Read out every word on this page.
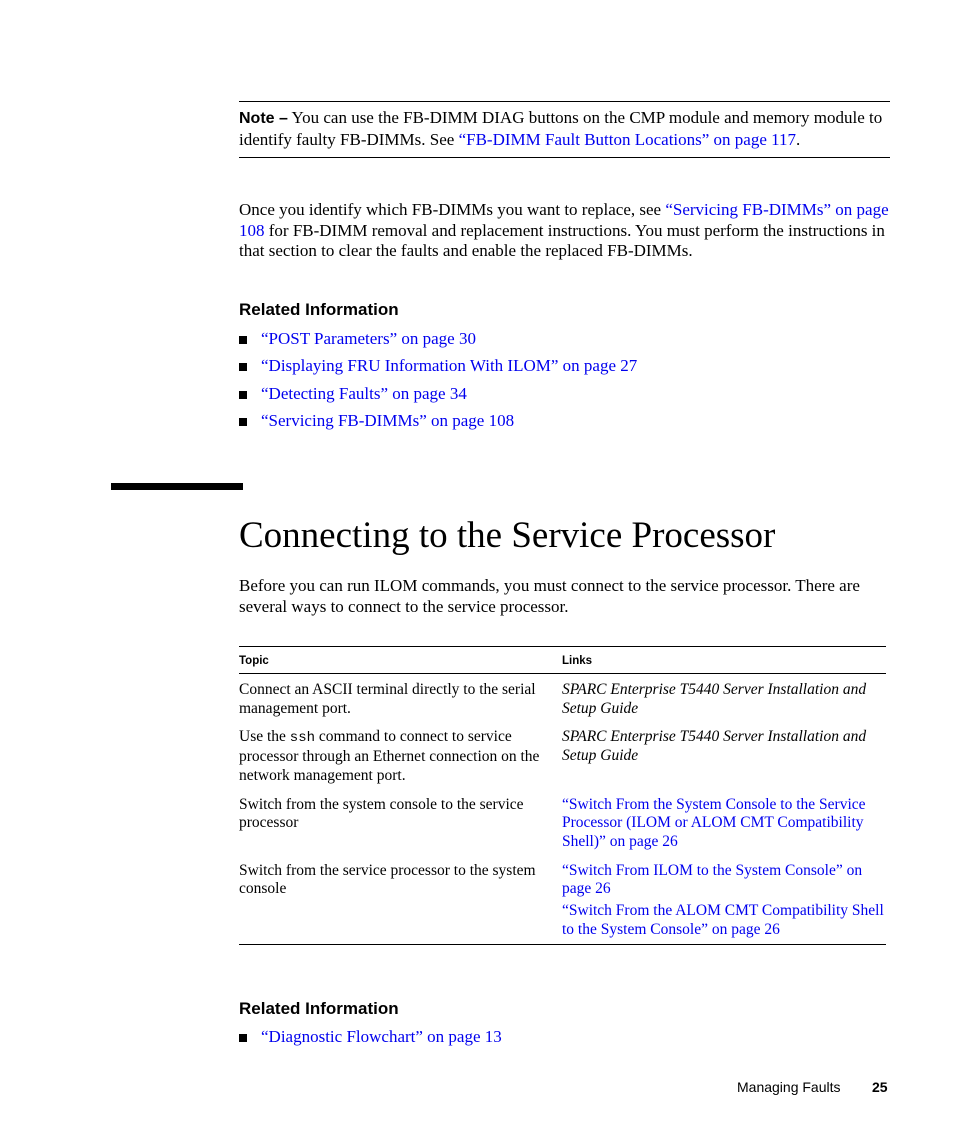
Note – You can use the FB-DIMM DIAG buttons on the CMP module and memory module to identify faulty FB-DIMMs. See “FB-DIMM Fault Button Locations” on page 117.
Once you identify which FB-DIMMs you want to replace, see “Servicing FB-DIMMs” on page 108 for FB-DIMM removal and replacement instructions. You must perform the instructions in that section to clear the faults and enable the replaced FB-DIMMs.
Related Information
“POST Parameters” on page 30
“Displaying FRU Information With ILOM” on page 27
“Detecting Faults” on page 34
“Servicing FB-DIMMs” on page 108
Connecting to the Service Processor
Before you can run ILOM commands, you must connect to the service processor. There are several ways to connect to the service processor.
Topic	Links
Connect an ASCII terminal directly to the serial management port.	SPARC Enterprise T5440 Server Installation and Setup Guide
Use the ssh command to connect to service processor through an Ethernet connection on the network management port.	SPARC Enterprise T5440 Server Installation and Setup Guide
Switch from the system console to the service processor	“Switch From the System Console to the Service Processor (ILOM or ALOM CMT Compatibility Shell)” on page 26
Switch from the service processor to the system console	“Switch From ILOM to the System Console” on page 26
“Switch From the ALOM CMT Compatibility Shell to the System Console” on page 26
Related Information
“Diagnostic Flowchart” on page 13
Managing Faults 25
